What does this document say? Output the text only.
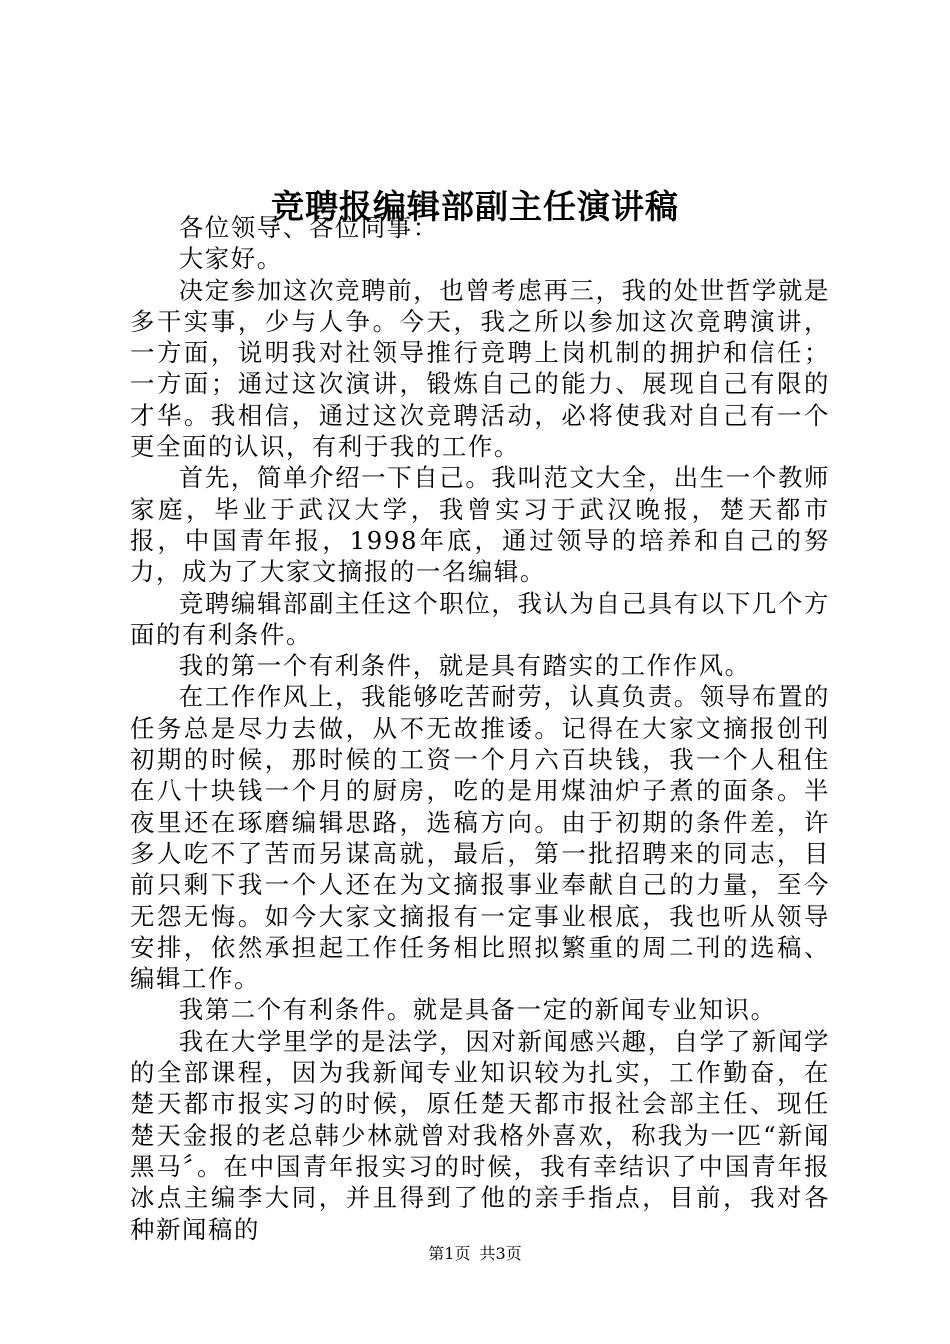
竞聘报编辑部副主任演讲稿

各位领导、各位同事：

大家好。

决定参加这次竞聘前，也曾考虑再三，我的处世哲学就是多干实事，少与人争。今天，我之所以参加这次竟聘演讲，一方面，说明我对社领导推行竞聘上岗机制的拥护和信任；一方面；通过这次演讲，锻炼自己的能力、展现自己有限的才华。我相信，通过这次竞聘活动，必将使我对自己有一个更全面的认识，有利于我的工作。

首先，简单介绍一下自己。我叫范文大全，出生一个教师家庭，毕业于武汉大学，我曾实习于武汉晚报，楚天都市报，中国青年报，1998年底，通过领导的培养和自己的努力，成为了大家文摘报的一名编辑。

竞聘编辑部副主任这个职位，我认为自己具有以下几个方面的有利条件。

我的第一个有利条件，就是具有踏实的工作作风。

在工作作风上，我能够吃苦耐劳，认真负责。领导布置的任务总是尽力去做，从不无故推诿。记得在大家文摘报创刊初期的时候，那时候的工资一个月六百块钱，我一个人租住在八十块钱一个月的厨房，吃的是用煤油炉子煮的面条。半夜里还在琢磨编辑思路，选稿方向。由于初期的条件差，许多人吃不了苦而另谋高就，最后，第一批招聘来的同志，目前只剩下我一个人还在为文摘报事业奉献自己的力量，至今无怨无悔。如今大家文摘报有一定事业根底，我也听从领导安排，依然承担起工作任务相比照拟繁重的周二刊的选稿、编辑工作。

我第二个有利条件。就是具备一定的新闻专业知识。

我在大学里学的是法学，因对新闻感兴趣，自学了新闻学的全部课程，因为我新闻专业知识较为扎实，工作勤奋，在楚天都市报实习的时候，原任楚天都市报社会部主任、现任楚天金报的老总韩少林就曾对我格外喜欢，称我为一匹“新闻黑马〞。在中国青年报实习的时候，我有幸结识了中国青年报冰点主编李大同，并且得到了他的亲手指点，目前，我对各种新闻稿的

第1页 共3页
